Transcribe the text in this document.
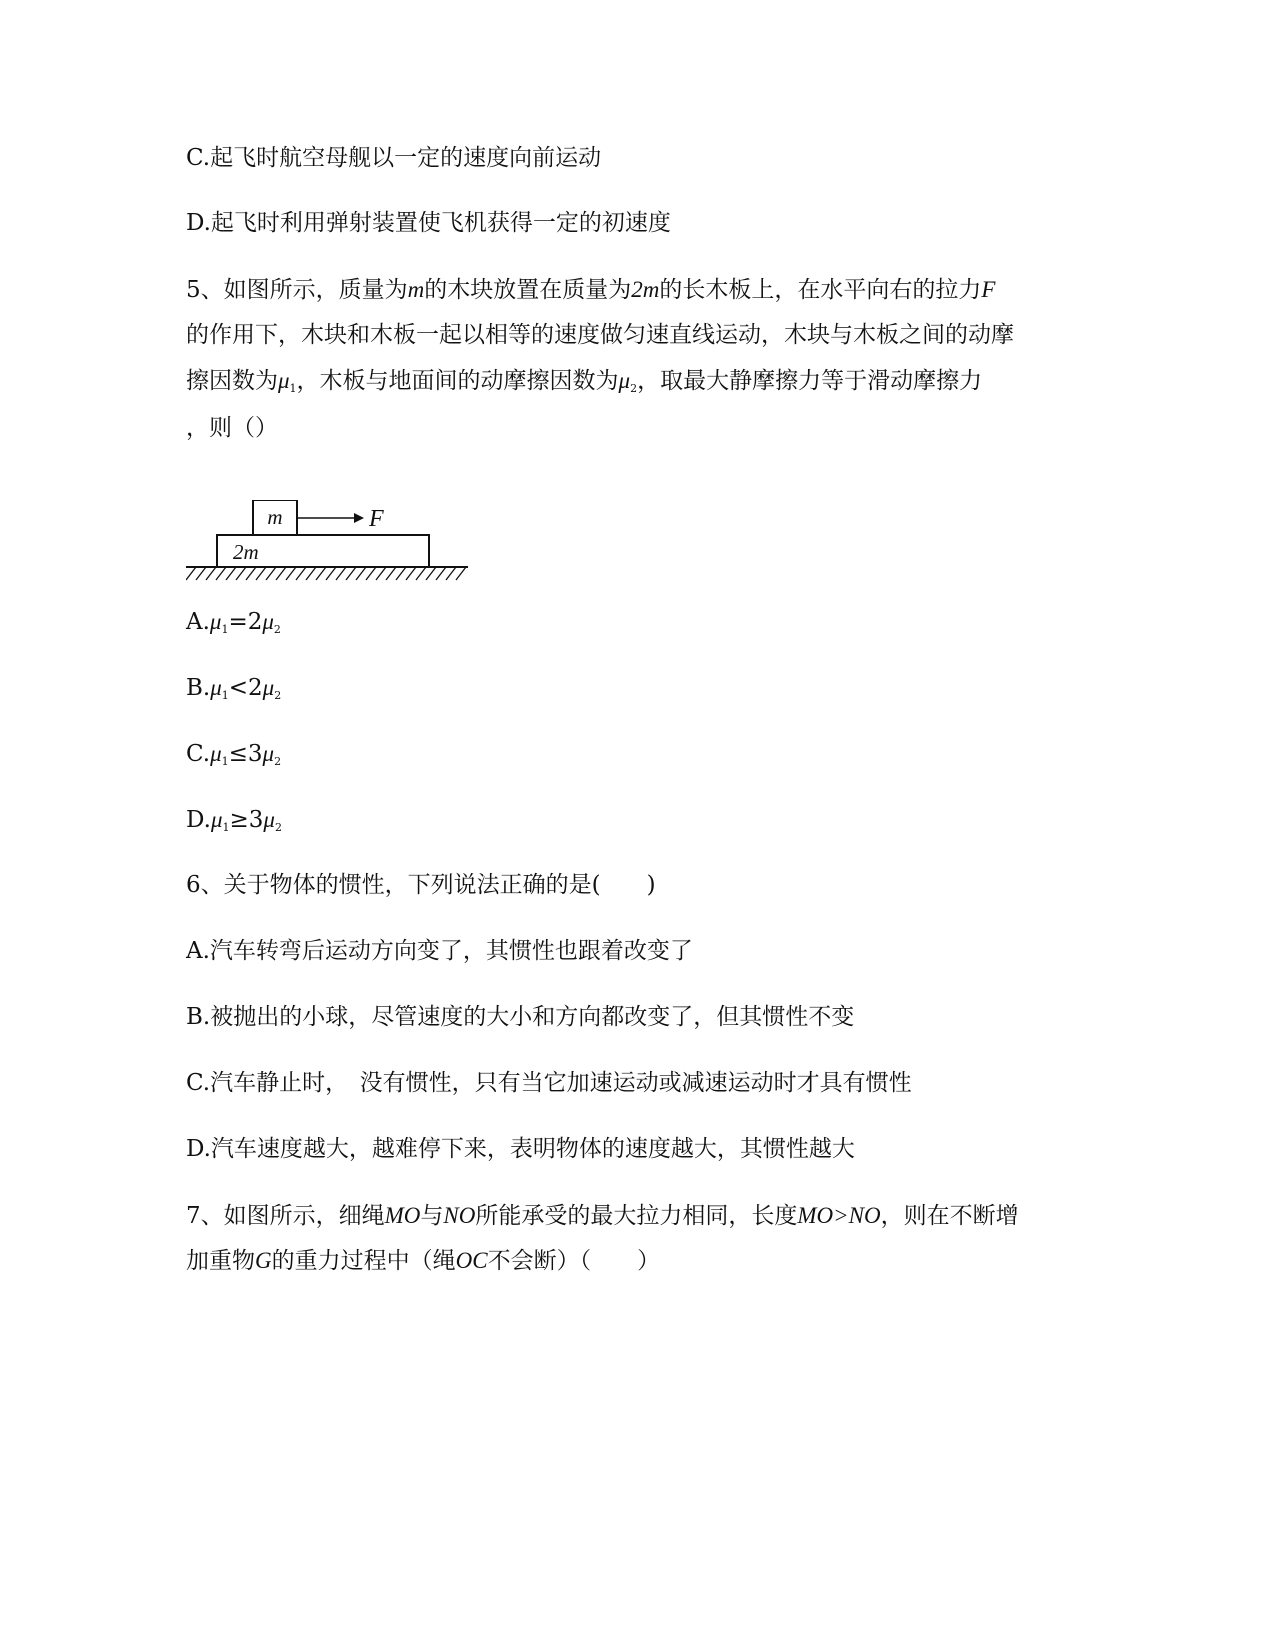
C.起飞时航空母舰以一定的速度向前运动
D.起飞时利用弹射装置使飞机获得一定的初速度
5、如图所示，质量为m的木块放置在质量为2m的长木板上，在水平向右的拉力F
的作用下，木块和木板一起以相等的速度做匀速直线运动，木块与木板之间的动摩
擦因数为$\mu_1$，木板与地面间的动摩擦因数为$\mu_2$，取最大静摩擦力等于滑动摩擦力
，则（）
m	F
2m
$A.\mu_1=2\mu_2$
$B.\mu_1<2\mu_2$
$C.\mu_1\le 3\mu_2$
$D.\mu_1\ge 3\mu_2$
6、关于物体的惯性，下列说法正确的是(　　)
A.汽车转弯后运动方向变了，其惯性也跟着改变了
B.被抛出的小球，尽管速度的大小和方向都改变了，但其惯性不变
C.汽车静止时，　没有惯性，只有当它加速运动或减速运动时才具有惯性
D.汽车速度越大，越难停下来，表明物体的速度越大，其惯性越大
7、如图所示，细绳MO与NO所能承受的最大拉力相同，长度MO>NO，则在不断增
加重物G的重力过程中（绳OC不会断）（　　）
